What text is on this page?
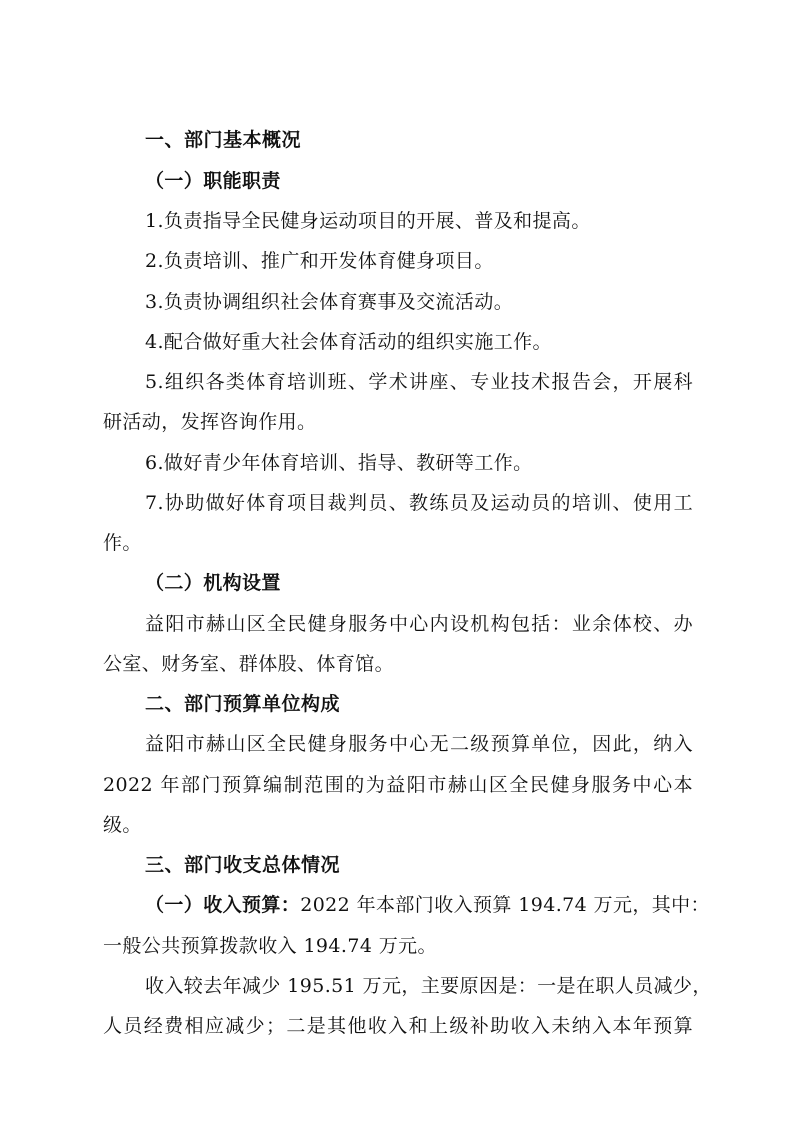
一、部门基本概况
（一）职能职责
1.负责指导全民健身运动项目的开展、普及和提高。
2.负责培训、推广和开发体育健身项目。
3.负责协调组织社会体育赛事及交流活动。
4.配合做好重大社会体育活动的组织实施工作。
5.组织各类体育培训班、学术讲座、专业技术报告会，开展科
研活动，发挥咨询作用。
6.做好青少年体育培训、指导、教研等工作。
7.协助做好体育项目裁判员、教练员及运动员的培训、使用工
作。
（二）机构设置
益阳市赫山区全民健身服务中心内设机构包括：业余体校、办
公室、财务室、群体股、体育馆。
二、部门预算单位构成
益阳市赫山区全民健身服务中心无二级预算单位，因此，纳入
2022 年部门预算编制范围的为益阳市赫山区全民健身服务中心本
级。
三、部门收支总体情况
（一）收入预算：2022 年本部门收入预算 194.74 万元，其中：
一般公共预算拨款收入 194.74 万元。
收入较去年减少 195.51 万元，主要原因是：一是在职人员减少，
人员经费相应减少；二是其他收入和上级补助收入未纳入本年预算
